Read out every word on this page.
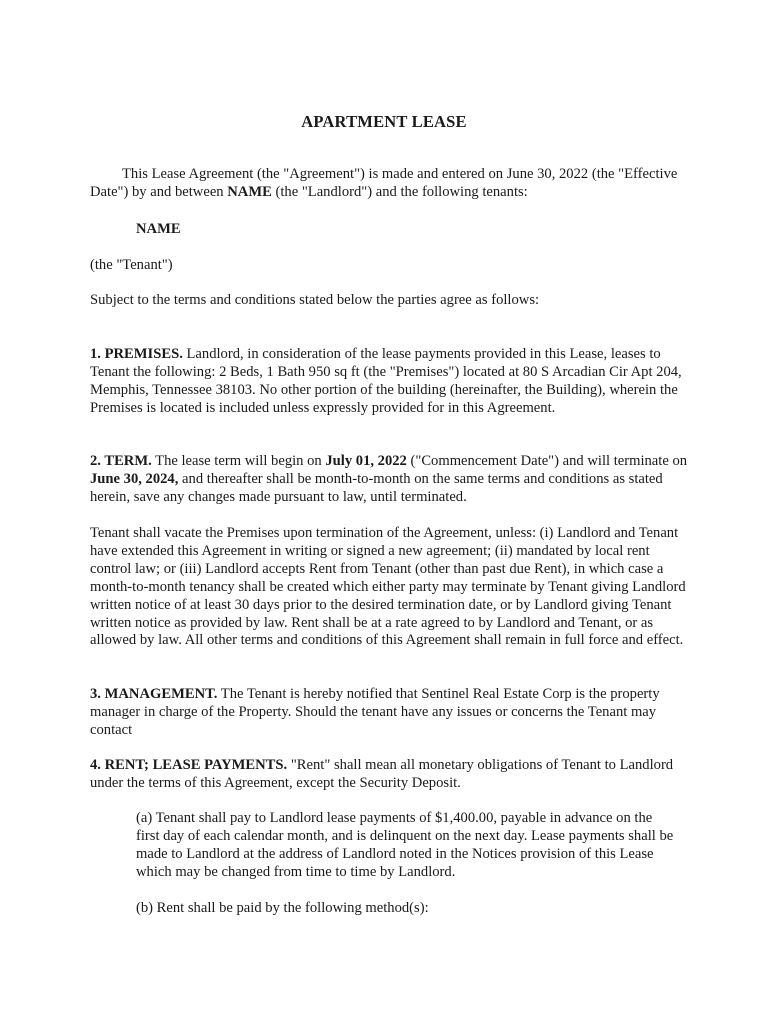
APARTMENT LEASE

This Lease Agreement (the "Agreement") is made and entered on June 30, 2022 (the "Effective Date") by and between NAME (the "Landlord") and the following tenants:

NAME

(the "Tenant")

Subject to the terms and conditions stated below the parties agree as follows:

1. PREMISES. Landlord, in consideration of the lease payments provided in this Lease, leases to Tenant the following: 2 Beds, 1 Bath 950 sq ft (the "Premises") located at 80 S Arcadian Cir Apt 204, Memphis, Tennessee 38103. No other portion of the building (hereinafter, the Building), wherein the Premises is located is included unless expressly provided for in this Agreement.

2. TERM. The lease term will begin on July 01, 2022 ("Commencement Date") and will terminate on June 30, 2024, and thereafter shall be month-to-month on the same terms and conditions as stated herein, save any changes made pursuant to law, until terminated.

Tenant shall vacate the Premises upon termination of the Agreement, unless: (i) Landlord and Tenant have extended this Agreement in writing or signed a new agreement; (ii) mandated by local rent control law; or (iii) Landlord accepts Rent from Tenant (other than past due Rent), in which case a month-to-month tenancy shall be created which either party may terminate by Tenant giving Landlord written notice of at least 30 days prior to the desired termination date, or by Landlord giving Tenant written notice as provided by law. Rent shall be at a rate agreed to by Landlord and Tenant, or as allowed by law. All other terms and conditions of this Agreement shall remain in full force and effect.

3. MANAGEMENT. The Tenant is hereby notified that Sentinel Real Estate Corp is the property manager in charge of the Property. Should the tenant have any issues or concerns the Tenant may contact

4. RENT; LEASE PAYMENTS. "Rent" shall mean all monetary obligations of Tenant to Landlord under the terms of this Agreement, except the Security Deposit.

(a) Tenant shall pay to Landlord lease payments of $1,400.00, payable in advance on the first day of each calendar month, and is delinquent on the next day. Lease payments shall be made to Landlord at the address of Landlord noted in the Notices provision of this Lease which may be changed from time to time by Landlord.

(b) Rent shall be paid by the following method(s):
